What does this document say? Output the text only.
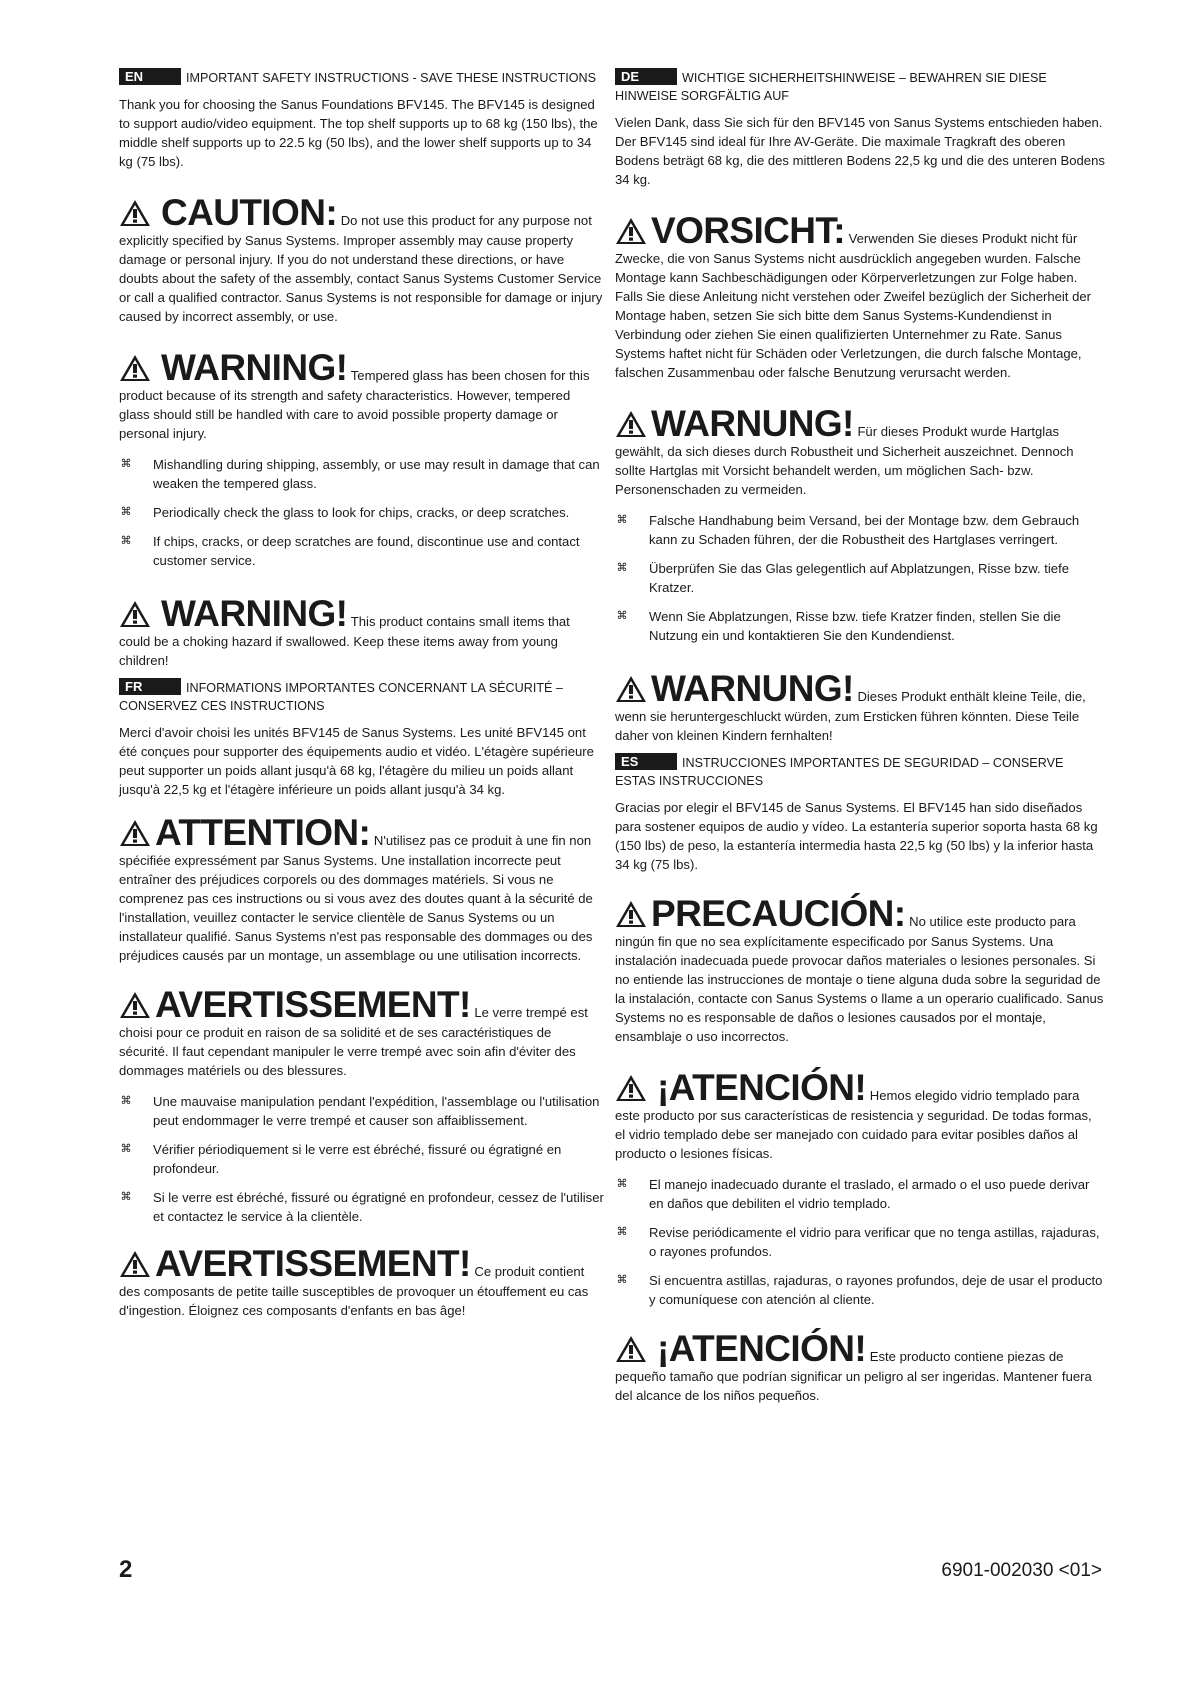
EN	IMPORTANT SAFETY INSTRUCTIONS - SAVE THESE INSTRUCTIONS

Thank you for choosing the Sanus Foundations BFV145. The BFV145 is designed to support audio/video equipment. The top shelf supports up to 68 kg (150 lbs), the middle shelf supports up to 22.5 kg (50 lbs), and the lower shelf supports up to 34 kg (75 lbs).

CAUTION: Do not use this product for any purpose not explicitly specified by Sanus Systems. Improper assembly may cause property damage or personal injury. If you do not understand these directions, or have doubts about the safety of the assembly, contact Sanus Systems Customer Service or call a qualified contractor. Sanus Systems is not responsible for damage or injury caused by incorrect assembly, or use.
WARNING! Tempered glass has been chosen for this product because of its strength and safety characteristics. However, tempered glass should still be handled with care to avoid possible property damage or personal injury.
⌘ Mishandling during shipping, assembly, or use may result in damage that can weaken the tempered glass.
⌘ Periodically check the glass to look for chips, cracks, or deep scratches.
⌘ If chips, cracks, or deep scratches are found, discontinue use and contact customer service.
WARNING! This product contains small items that could be a choking hazard if swallowed. Keep these items away from young children!
FR	INFORMATIONS IMPORTANTES CONCERNANT LA SÉCURITÉ – CONSERVEZ CES INSTRUCTIONS

Merci d'avoir choisi les unités BFV145 de Sanus Systems. Les unité BFV145 ont été conçues pour supporter des équipements audio et vidéo. L'étagère supérieure peut supporter un poids allant jusqu'à 68 kg, l'étagère du milieu un poids allant jusqu'à 22,5 kg et l'étagère inférieure un poids allant jusqu'à 34 kg.

ATTENTION: N'utilisez pas ce produit à une fin non spécifiée expressément par Sanus Systems. Une installation incorrecte peut entraîner des préjudices corporels ou des dommages matériels. Si vous ne comprenez pas ces instructions ou si vous avez des doutes quant à la sécurité de l'installation, veuillez contacter le service clientèle de Sanus Systems ou un installateur qualifié. Sanus Systems n'est pas responsable des dommages ou des préjudices causés par un montage, un assemblage ou une utilisation incorrects.
AVERTISSEMENT! Le verre trempé est choisi pour ce produit en raison de sa solidité et de ses caractéristiques de sécurité. Il faut cependant manipuler le verre trempé avec soin afin d'éviter des dommages matériels ou des blessures.
⌘ Une mauvaise manipulation pendant l'expédition, l'assemblage ou l'utilisation peut endommager le verre trempé et causer son affaiblissement.
⌘ Vérifier périodiquement si le verre est ébréché, fissuré ou égratigné en profondeur.
⌘ Si le verre est ébréché, fissuré ou égratigné en profondeur, cessez de l'utiliser et contactez le service à la clientèle.
AVERTISSEMENT! Ce produit contient des composants de petite taille susceptibles de provoquer un étouffement eu cas d'ingestion. Éloignez ces composants d'enfants en bas âge!
DE	WICHTIGE SICHERHEITSHINWEISE – BEWAHREN SIE DIESE HINWEISE SORGFÄLTIG AUF

Vielen Dank, dass Sie sich für den BFV145 von Sanus Systems entschieden haben. Der BFV145 sind ideal für Ihre AV-Geräte. Die maximale Tragkraft des oberen Bodens beträgt 68 kg, die des mittleren Bodens 22,5 kg und die des unteren Bodens 34 kg.

VORSICHT: Verwenden Sie dieses Produkt nicht für Zwecke, die von Sanus Systems nicht ausdrücklich angegeben wurden. Falsche Montage kann Sachbeschädigungen oder Körperverletzungen zur Folge haben. Falls Sie diese Anleitung nicht verstehen oder Zweifel bezüglich der Sicherheit der Montage haben, setzen Sie sich bitte dem Sanus Systems-Kundendienst in Verbindung oder ziehen Sie einen qualifizierten Unternehmer zu Rate. Sanus Systems haftet nicht für Schäden oder Verletzungen, die durch falsche Montage, falschen Zusammenbau oder falsche Benutzung verursacht werden.
WARNUNG! Für dieses Produkt wurde Hartglas gewählt, da sich dieses durch Robustheit und Sicherheit auszeichnet. Dennoch sollte Hartglas mit Vorsicht behandelt werden, um möglichen Sach- bzw. Personenschaden zu vermeiden.
⌘ Falsche Handhabung beim Versand, bei der Montage bzw. dem Gebrauch kann zu Schaden führen, der die Robustheit des Hartglases verringert.
⌘ Überprüfen Sie das Glas gelegentlich auf Abplatzungen, Risse bzw. tiefe Kratzer.
⌘ Wenn Sie Abplatzungen, Risse bzw. tiefe Kratzer finden, stellen Sie die Nutzung ein und kontaktieren Sie den Kundendienst.
WARNUNG! Dieses Produkt enthält kleine Teile, die, wenn sie heruntergeschluckt würden, zum Ersticken führen könnten. Diese Teile daher von kleinen Kindern fernhalten!
ES	INSTRUCCIONES IMPORTANTES DE SEGURIDAD – CONSERVE ESTAS INSTRUCCIONES

Gracias por elegir el BFV145 de Sanus Systems. El BFV145 han sido diseñados para sostener equipos de audio y vídeo. La estantería superior soporta hasta 68 kg (150 lbs) de peso, la estantería intermedia hasta 22,5 kg (50 lbs) y la inferior hasta 34 kg (75 lbs).

PRECAUCIÓN: No utilice este producto para ningún fin que no sea explícitamente especificado por Sanus Systems. Una instalación inadecuada puede provocar daños materiales o lesiones personales. Si no entiende las instrucciones de montaje o tiene alguna duda sobre la seguridad de la instalación, contacte con Sanus Systems o llame a un operario cualificado. Sanus Systems no es responsable de daños o lesiones causados por el montaje, ensamblaje o uso incorrectos.
¡ATENCIÓN! Hemos elegido vidrio templado para este producto por sus características de resistencia y seguridad. De todas formas, el vidrio templado debe ser manejado con cuidado para evitar posibles daños al producto o lesiones físicas.
⌘ El manejo inadecuado durante el traslado, el armado o el uso puede derivar en daños que debiliten el vidrio templado.
⌘ Revise periódicamente el vidrio para verificar que no tenga astillas, rajaduras, o rayones profundos.
⌘ Si encuentra astillas, rajaduras, o rayones profundos, deje de usar el producto y comuníquese con atención al cliente.
¡ATENCIÓN! Este producto contiene piezas de pequeño tamaño que podrían significar un peligro al ser ingeridas. Mantener fuera del alcance de los niños pequeños.
2	6901-002030 <01>
